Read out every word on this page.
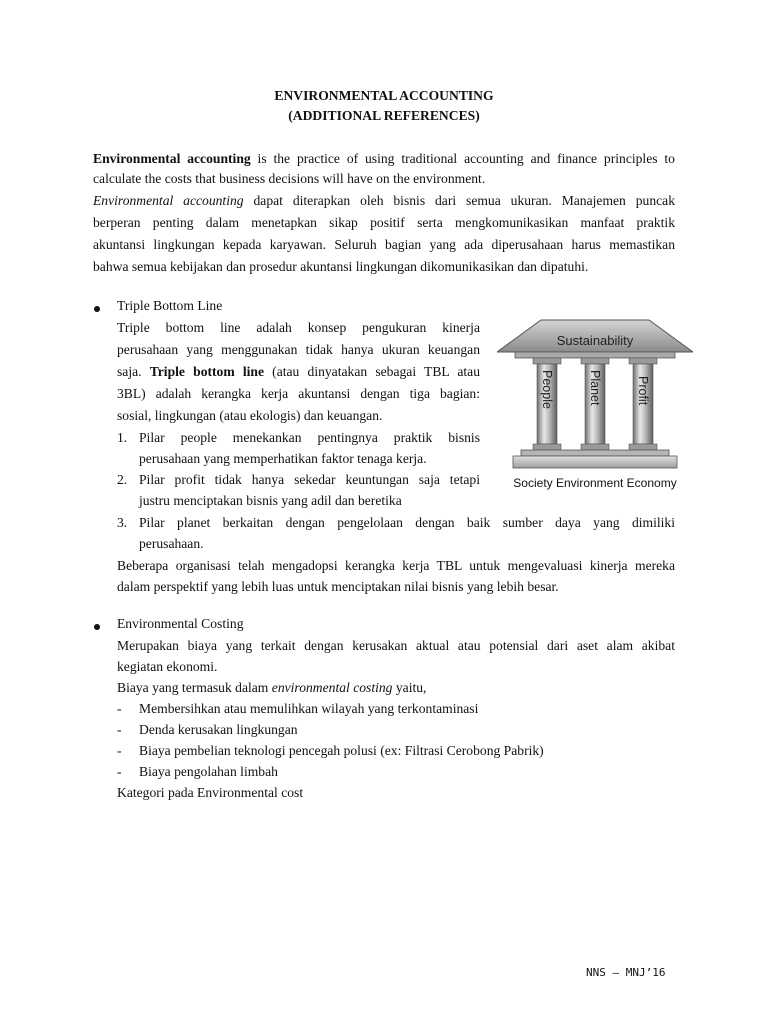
ENVIRONMENTAL ACCOUNTING
(ADDITIONAL REFERENCES)
Environmental accounting is the practice of using traditional accounting and finance principles to
calculate the costs that business decisions will have on the environment.
Environmental accounting dapat diterapkan oleh bisnis dari semua ukuran. Manajemen puncak
berperan penting dalam menetapkan sikap positif serta mengkomunikasikan manfaat praktik
akuntansi lingkungan kepada karyawan. Seluruh bagian yang ada diperusahaan harus memastikan
bahwa semua kebijakan dan prosedur akuntansi lingkungan dikomunikasikan dan dipatuhi.
Triple Bottom Line
Triple bottom line adalah konsep pengukuran kinerja
perusahaan yang menggunakan tidak hanya ukuran keuangan
saja. Triple bottom line (atau dinyatakan sebagai TBL atau
3BL) adalah kerangka kerja akuntansi dengan tiga bagian:
sosial, lingkungan (atau ekologis) dan keuangan.
1. Pilar people menekankan pentingnya praktik bisnis
perusahaan yang memperhatikan faktor tenaga kerja.
2. Pilar profit tidak hanya sekedar keuntungan saja tetapi
justru menciptakan bisnis yang adil dan beretika
3. Pilar planet berkaitan dengan pengelolaan dengan baik sumber daya yang dimiliki
perusahaan.
Beberapa organisasi telah mengadopsi kerangka kerja TBL untuk mengevaluasi kinerja mereka
dalam perspektif yang lebih luas untuk menciptakan nilai bisnis yang lebih besar.
Sustainability
People	Planet	Profit
Society Environment Economy
Environmental Costing
Merupakan biaya yang terkait dengan kerusakan aktual atau potensial dari aset alam akibat
kegiatan ekonomi.
Biaya yang termasuk dalam environmental costing yaitu,
- Membersihkan atau memulihkan wilayah yang terkontaminasi
- Denda kerusakan lingkungan
- Biaya pembelian teknologi pencegah polusi (ex: Filtrasi Cerobong Pabrik)
- Biaya pengolahan limbah
Kategori pada Environmental cost
NNS – MNJ’16
